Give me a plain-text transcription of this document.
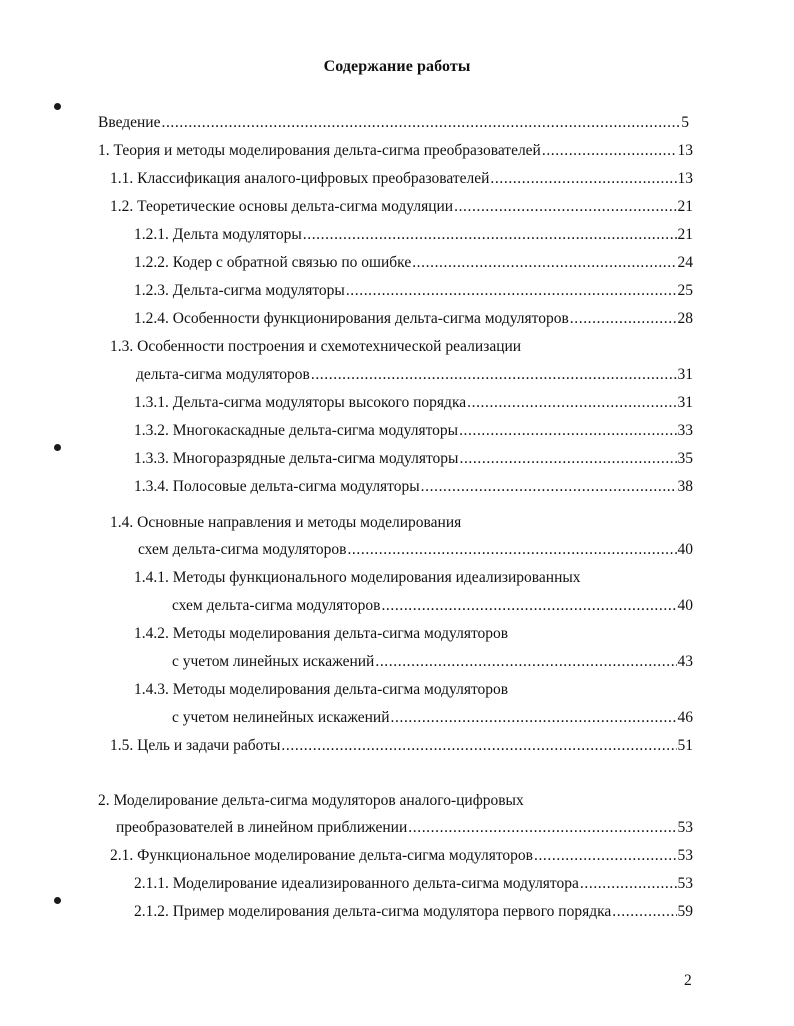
Содержание работы
Введение .....	5
1. Теория и методы моделирования дельта-сигма преобразователей .....	13
1.1. Классификация аналого-цифровых преобразователей .....	13
1.2. Теоретические основы дельта-сигма модуляции .....	21
1.2.1. Дельта модуляторы .....	21
1.2.2. Кодер с обратной связью по ошибке .....	24
1.2.3. Дельта-сигма модуляторы .....	25
1.2.4. Особенности функционирования дельта-сигма модуляторов .....	28
1.3. Особенности построения и схемотехнической реализации
дельта-сигма модуляторов .....	31
1.3.1. Дельта-сигма модуляторы высокого порядка .....	31
1.3.2. Многокаскадные дельта-сигма модуляторы .....	33
1.3.3. Многоразрядные дельта-сигма модуляторы .....	35
1.3.4. Полосовые дельта-сигма модуляторы .....	38
1.4. Основные направления и методы моделирования
схем дельта-сигма модуляторов .....	40
1.4.1. Методы функционального моделирования идеализированных
схем дельта-сигма модуляторов .....	40
1.4.2. Методы моделирования дельта-сигма модуляторов
с учетом линейных искажений .....	43
1.4.3. Методы моделирования дельта-сигма модуляторов
с учетом нелинейных искажений .....	46
1.5. Цель и задачи работы .....	51
2. Моделирование дельта-сигма модуляторов аналого-цифровых
преобразователей в линейном приближении .....	53
2.1. Функциональное моделирование дельта-сигма модуляторов .....	53
2.1.1. Моделирование идеализированного дельта-сигма модулятора .....	53
2.1.2. Пример моделирования дельта-сигма модулятора первого порядка .....	59
2
